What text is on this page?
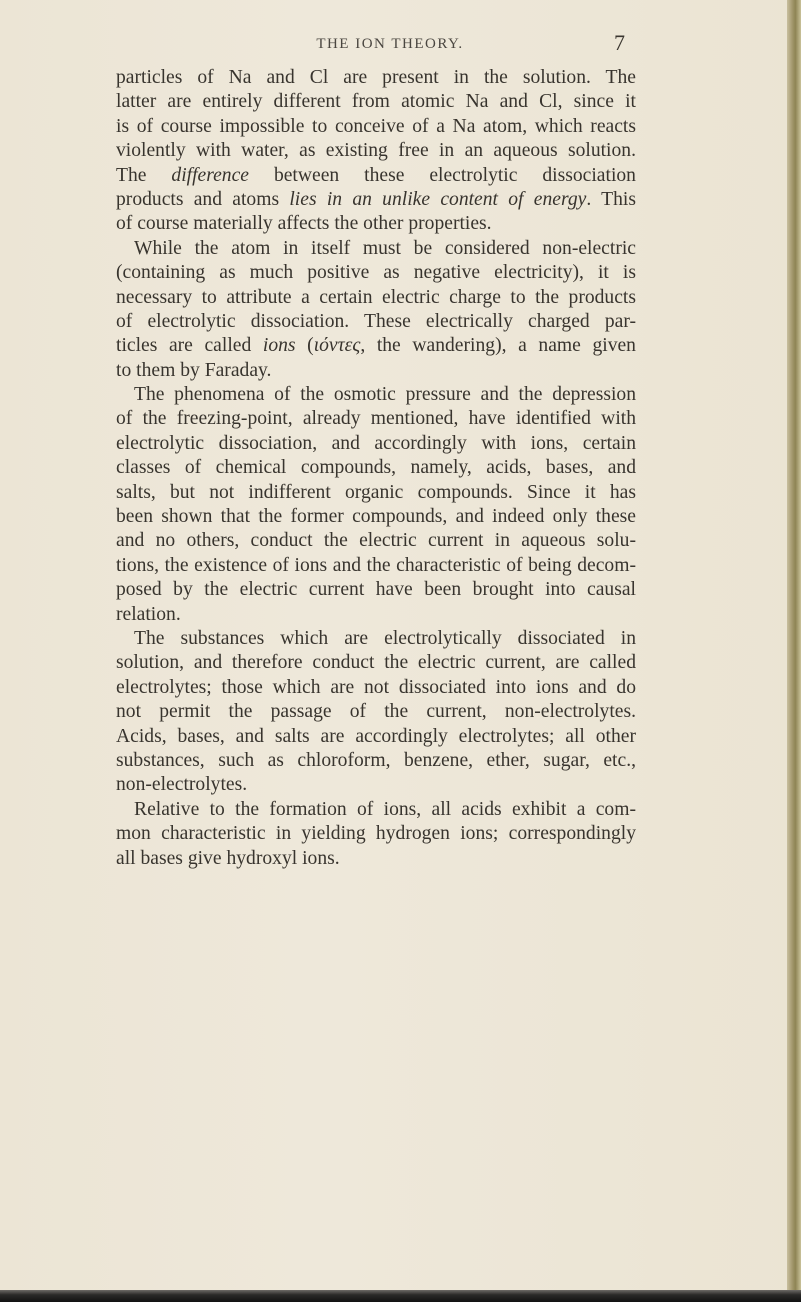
THE ION THEORY.	7
particles of Na and Cl are present in the solution. The
latter are entirely different from atomic Na and Cl, since it
is of course impossible to conceive of a Na atom, which reacts
violently with water, as existing free in an aqueous solution.
The difference between these electrolytic dissociation
products and atoms lies in an unlike content of energy. This
of course materially affects the other properties.
While the atom in itself must be considered non-electric
(containing as much positive as negative electricity), it is
necessary to attribute a certain electric charge to the products
of electrolytic dissociation. These electrically charged par-
ticles are called ions (ιόντες, the wandering), a name given
to them by Faraday.
The phenomena of the osmotic pressure and the depression
of the freezing-point, already mentioned, have identified with
electrolytic dissociation, and accordingly with ions, certain
classes of chemical compounds, namely, acids, bases, and
salts, but not indifferent organic compounds. Since it has
been shown that the former compounds, and indeed only these
and no others, conduct the electric current in aqueous solu-
tions, the existence of ions and the characteristic of being decom-
posed by the electric current have been brought into causal
relation.
The substances which are electrolytically dissociated in
solution, and therefore conduct the electric current, are called
electrolytes; those which are not dissociated into ions and do
not permit the passage of the current, non-electrolytes.
Acids, bases, and salts are accordingly electrolytes; all other
substances, such as chloroform, benzene, ether, sugar, etc.,
non-electrolytes.
Relative to the formation of ions, all acids exhibit a com-
mon characteristic in yielding hydrogen ions; correspondingly
all bases give hydroxyl ions.
